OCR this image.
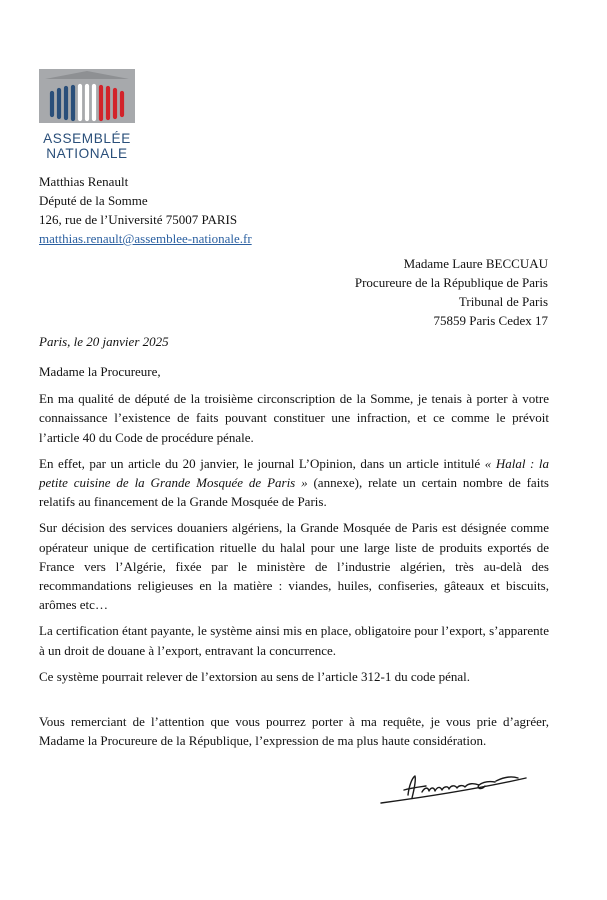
ASSEMBLÉE
NATIONALE
Matthias Renault
Député de la Somme
126, rue de l’Université 75007 PARIS
matthias.renault@assemblee-nationale.fr
Madame Laure BECCUAU
Procureure de la République de Paris
Tribunal de Paris
75859 Paris Cedex 17
Paris, le 20 janvier 2025

Madame la Procureure,

En ma qualité de député de la troisième circonscription de la Somme, je tenais à porter à votre connaissance l’existence de faits pouvant constituer une infraction, et ce comme le prévoit l’article 40 du Code de procédure pénale.

En effet, par un article du 20 janvier, le journal L’Opinion, dans un article intitulé « Halal : la petite cuisine de la Grande Mosquée de Paris » (annexe), relate un certain nombre de faits relatifs au financement de la Grande Mosquée de Paris.

Sur décision des services douaniers algériens, la Grande Mosquée de Paris est désignée comme opérateur unique de certification rituelle du halal pour une large liste de produits exportés de France vers l’Algérie, fixée par le ministère de l’industrie algérien, très au-delà des recommandations religieuses en la matière : viandes, huiles, confiseries, gâteaux et biscuits, arômes etc…

La certification étant payante, le système ainsi mis en place, obligatoire pour l’export, s’apparente à un droit de douane à l’export, entravant la concurrence.

Ce système pourrait relever de l’extorsion au sens de l’article 312-1 du code pénal.

Vous remerciant de l’attention que vous pourrez porter à ma requête, je vous prie d’agréer, Madame la Procureure de la République, l’expression de ma plus haute considération.
